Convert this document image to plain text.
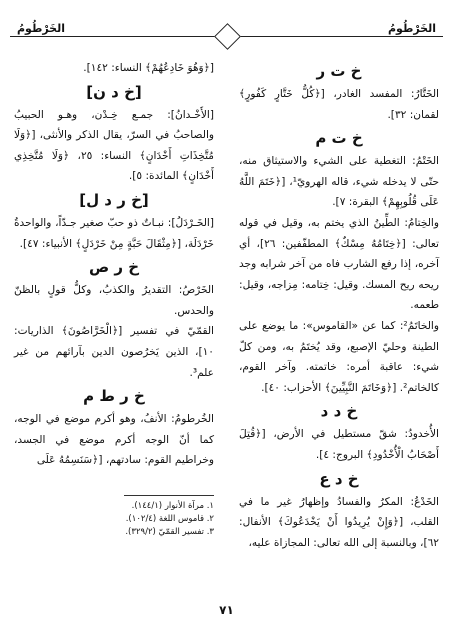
الخَرْطُومُ
الخَرْطُومُ
خ ت ر

الخَتَّارُ: المفسد الغادر، [﴿كُلُّ خَتَّارٍ كَفُورٍ﴾ لقمان: ٣٢].

خ ت م

الخَتْمُ: التغطية على الشيء والاستيثاق منه، حتّى لا يدخله شيء، قاله الهرويّ¹، [﴿خَتَمَ اللَّهُ عَلَى قُلُوبِهِمْ﴾ البقرة: ٧].

والخِتامُ: الطِّينُ الذي يختم به، وقيل في قوله تعالى: [﴿خِتَامُهُ مِسْكٌ﴾ المطفّفين: ٢٦]، أي آخره، إذا رفع الشارب فاه من آخر شرابه وجد ريحه ريح المسك. وقيل: خِتامه: مِزاجه، وقيل: طعمه.

والخاتَمُ²: كما عن «القاموس»: ما يوضع على الطينة وحليّ الإصبع، وقد يُختَمُ به، ومن كلّ شيء: عاقبة أمره: خاتمته. وآخر القوم، كالخاتم². [﴿وَخَاتَمَ النَّبِيِّينَ﴾ الأحزاب: ٤٠].

خ د د

الأُخدودُ: شقّ مستطيل في الأرض، [﴿قُتِلَ أَصْحَابُ الْأُخْدُودِ﴾ البروج: ٤].

خ د ع

الخَدْعُ: المكرُ والفسادُ وإظهارُ غير ما في القلب، [﴿وَإِنْ يُرِيدُوا أَنْ يَخْدَعُوكَ﴾ الأنفال: ٦٢]، وبالنسبة إلى الله تعالى: المجازاة عليه،

[﴿وَهُوَ خَادِعُهُمْ﴾ النساء: ١٤٢].

[خ د ن]

[الأَخْـدانُ]: جمـع خِـدْن، وهـو الحبيبُ والصاحبُ في السرّ، يقال الذكر والأنثى، [﴿وَلَا مُتَّخِذَاتِ أَخْدَانٍ﴾ النساء: ٢٥، ﴿وَلَا مُتَّخِذِي أَخْدَانٍ﴾ المائدة: ٥].

[خ ر د ل]

[الخَـرْدَلُ]: نبـاتٌ ذو حبّ صغير جـدّاً، والواحدةُ خَرْدَلَة، [﴿مِثْقَالَ حَبَّةٍ مِنْ خَرْدَلٍ﴾ الأنبياء: ٤٧].

خ ر ص

الخَرْصُ: التقديرُ والكذبُ، وكلُّ قولٍ بالظنّ والحدس.

القمّيّ في تفسير [﴿الْخَرَّاصُونَ﴾ الذاريات: ١٠]، الذين يَخرُصون الدين بآرائهم من غير علم³.

خ ر ط م

الخُرطومُ: الأنفُ، وهو أكرم موضع في الوجه، كما أنّ الوجه أكرم موضع في الجسد، وخراطيم القوم: سادتهم، [﴿سَنَسِمُهُ عَلَى

١. مرآة الأنوار (١٤٤/١).

٢. قاموس اللغة (١٠٢/٤).

٣. تفسير القمّيّ (٣٢٩/٢).

٧١
